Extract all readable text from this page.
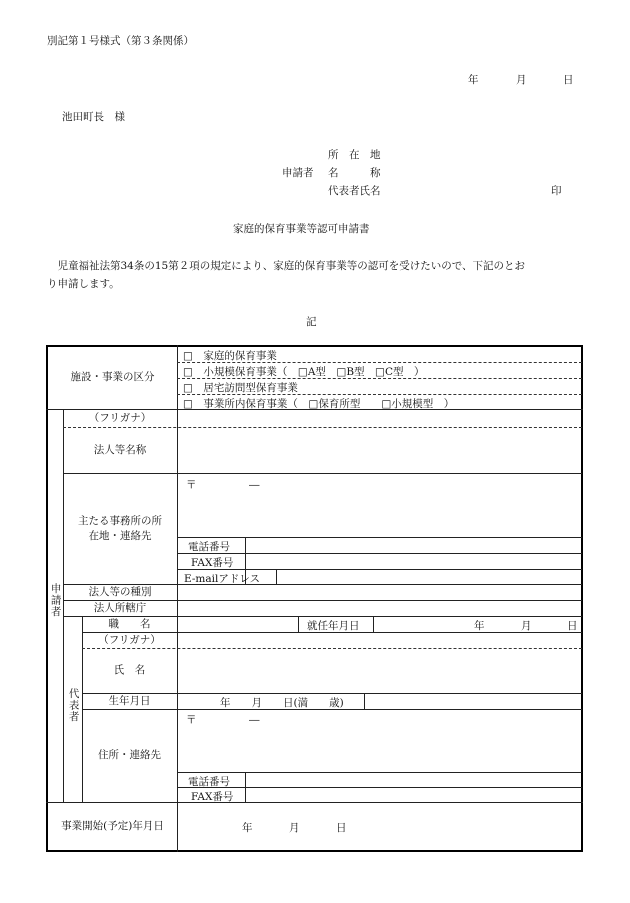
別記第１号様式（第３条関係）
年	月	日
池田町長　様
所　在　地
申請者 名　　　称
代表者氏名	印
家庭的保育事業等認可申請書
　児童福祉法第34条の15第２項の規定により、家庭的保育事業等の認可を受けたいので、下記のとお
り申請します。
記
施設・事業の区分
□　家庭的保育事業
□　小規模保育事業（　□A型　□B型　□C型　）
□　居宅訪問型保育事業
□　事業所内保育事業（　□保育所型　　□小規模型　）
申請者
（フリガナ）
法人等名称
主たる事務所の所
在地・連絡先
〒　　　　　―
電話番号
FAX番号
E-mailアドレス
法人等の種別
法人所轄庁
代表者
職　　名	就任年月日	年	月	日
（フリガナ）
氏　名
生年月日	年　　月　　日(満　　歳)
住所・連絡先
〒　　　　　―
電話番号
FAX番号
事業開始(予定)年月日	年	月	日
